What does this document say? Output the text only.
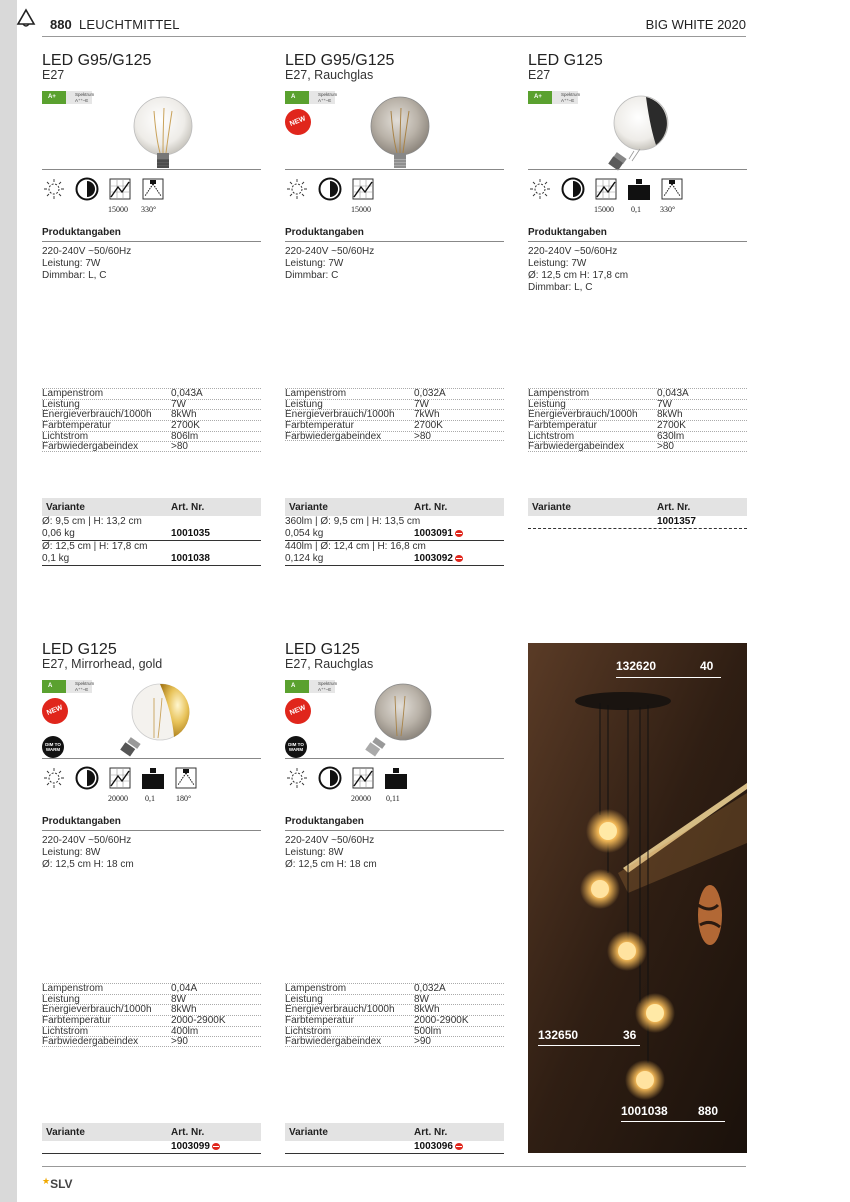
880 LEUCHTMITTEL	BIG WHITE 2020
LED G95/G125
E27
A+	Spektrum
A⁺⁺–E
15000 330°
Produktangaben
220-240V ~50/60Hz
Leistung: 7W
Dimmbar: L, C
Lampenstrom	0,043A
Leistung	7W
Energieverbrauch/1000h 8kWh
Farbtemperatur	2700K
Lichtstrom	806lm
Farbwiedergabeindex	>80
Variante	Art. Nr.
Ø: 9,5 cm | H: 13,2 cm
0,06 kg	1001035
Ø: 12,5 cm | H: 17,8 cm
0,1 kg	1001038
LED G95/G125
E27, Rauchglas
A	Spektrum
A⁺⁺–E
NEW
15000
Produktangaben
220-240V ~50/60Hz
Leistung: 7W
Dimmbar: C
Lampenstrom	0,032A
Leistung	7W
Energieverbrauch/1000h 7kWh
Farbtemperatur	2700K
Farbwiedergabeindex	>80
Variante	Art. Nr.
360lm | Ø: 9,5 cm | H: 13,5 cm
0,054 kg	1003091
440lm | Ø: 12,4 cm | H: 16,8 cm
0,124 kg	1003092
LED G125
E27
A+	Spektrum
A⁺⁺–E
15000 0,1 330°
Produktangaben
220-240V ~50/60Hz
Leistung: 7W
Ø: 12,5 cm H: 17,8 cm
Dimmbar: L, C
Lampenstrom	0,043A
Leistung	7W
Energieverbrauch/1000h 8kWh
Farbtemperatur	2700K
Lichtstrom	630lm
Farbwiedergabeindex	>80
Variante	Art. Nr.
1001357
LED G125
E27, Mirrorhead, gold
A	Spektrum
A⁺⁺–E
NEW
DIM TO
WARM
20000 0,1	180°
Produktangaben
220-240V ~50/60Hz
Leistung: 8W
Ø: 12,5 cm H: 18 cm
Lampenstrom	0,04A
Leistung	8W
Energieverbrauch/1000h 8kWh
Farbtemperatur	2000-2900K
Lichtstrom	400lm
Farbwiedergabeindex	>90
Variante	Art. Nr.
1003099
LED G125
E27, Rauchglas
A	Spektrum
A⁺⁺–E
NEW
DIM TO
WARM
20000 0,11
Produktangaben
220-240V ~50/60Hz
Leistung: 8W
Ø: 12,5 cm H: 18 cm
Lampenstrom	0,032A
Leistung	8W
Energieverbrauch/1000h 8kWh
Farbtemperatur	2000-2900K
Lichtstrom	500lm
Farbwiedergabeindex	>90
Variante	Art. Nr.
1003096
132620	40
132650	36
1001038	880
★SLV
